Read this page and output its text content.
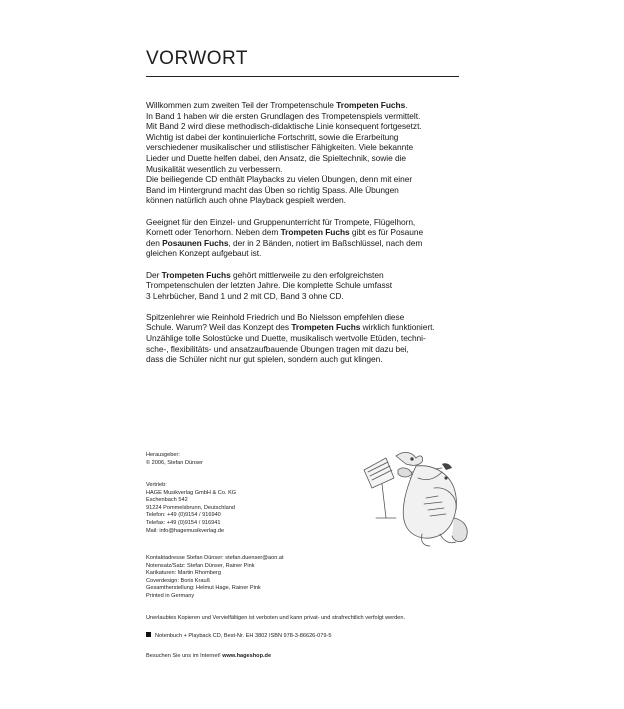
VORWORT

Willkommen zum zweiten Teil der Trompetenschule Trompeten Fuchs.
In Band 1 haben wir die ersten Grundlagen des Trompetenspiels vermittelt.
Mit Band 2 wird diese methodisch-didaktische Linie konsequent fortgesetzt.
Wichtig ist dabei der kontinuierliche Fortschritt, sowie die Erarbeitung
verschiedener musikalischer und stilistischer Fähigkeiten. Viele bekannte
Lieder und Duette helfen dabei, den Ansatz, die Spieltechnik, sowie die
Musikalität wesentlich zu verbessern.
Die beiliegende CD enthält Playbacks zu vielen Übungen, denn mit einer
Band im Hintergrund macht das Üben so richtig Spass. Alle Übungen
können natürlich auch ohne Playback gespielt werden.

Geeignet für den Einzel- und Gruppenunterricht für Trompete, Flügelhorn,
Kornett oder Tenorhorn. Neben dem Trompeten Fuchs gibt es für Posaune
den Posaunen Fuchs, der in 2 Bänden, notiert im Baßschlüssel, nach dem
gleichen Konzept aufgebaut ist.

Der Trompeten Fuchs gehört mittlerweile zu den erfolgreichsten
Trompetenschulen der letzten Jahre. Die komplette Schule umfasst
3 Lehrbücher, Band 1 und 2 mit CD, Band 3 ohne CD.

Spitzenlehrer wie Reinhold Friedrich und Bo Nielsson empfehlen diese
Schule. Warum? Weil das Konzept des Trompeten Fuchs wirklich funktioniert.
Unzählige tolle Solostücke und Duette, musikalisch wertvolle Etüden, techni-
sche-, flexibilitäts- und ansatzaufbauende Übungen tragen mit dazu bei,
dass die Schüler nicht nur gut spielen, sondern auch gut klingen.

Herausgeber:
© 2006, Stefan Dünser
Vertrieb:
HAGE Musikverlag GmbH & Co. KG
Eschenbach 542
91224 Pommelsbrunn, Deutschland
Telefon: +49 (0)9154 / 916940
Telefax: +49 (0)9154 / 916941
Mail: info@hagemusikverlag.de
Kontaktadresse Stefan Dünser: stefan.duenser@aon.at
Notensatz/Satz: Stefan Dünser, Rainer Pink
Karikaturen: Martin Rhomberg
Coverdesign: Boris Krauß
Gesamtherstellung: Helmut Hage, Rainer Pink
Printed in Germany
Unerlaubtes Kopieren und Vervielfältigen ist verboten und kann privat- und strafrechtlich verfolgt werden.
Notenbuch + Playback CD, Best-Nr. EH 3802 ISBN 978-3-86626-079-5
Besuchen Sie uns im Internet! www.hageshop.de
